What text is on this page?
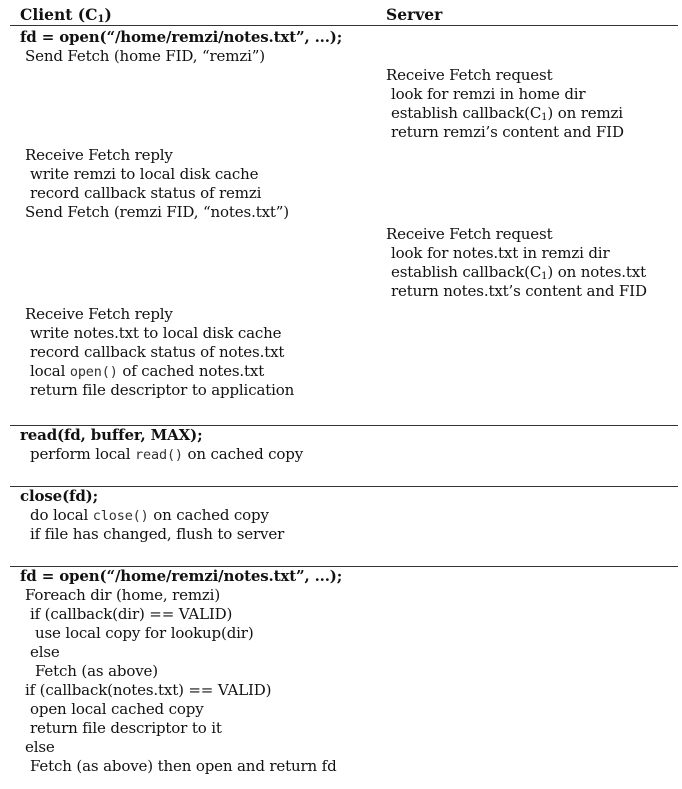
Client $(C_1)$	Server
fd = open(“/home/remzi/notes.txt”, ...);
Send Fetch (home FID, “remzi”)
Receive Fetch reply
write remzi to local disk cache
record callback status of remzi
Send Fetch (remzi FID, “notes.txt”)
Receive Fetch reply
write notes.txt to local disk cache
record callback status of notes.txt
local open() of cached notes.txt
return file descriptor to application
read(fd, buffer, MAX);
perform local read() on cached copy
close(fd);
do local close() on cached copy
if file has changed, flush to server
fd = open(“/home/remzi/notes.txt”, ...);
Foreach dir (home, remzi)
if (callback(dir) == VALID)
use local copy for lookup(dir)
else
Fetch (as above)
if (callback(notes.txt) == VALID)
open local cached copy
return file descriptor to it
else
Fetch (as above) then open and return fd
Receive Fetch request
look for remzi in home dir
establish $callback(C_1)$ on remzi
return remzi’s content and FID
Receive Fetch request
look for notes.txt in remzi dir
establish $callback(C_1)$ on notes.txt
return notes.txt’s content and FID
